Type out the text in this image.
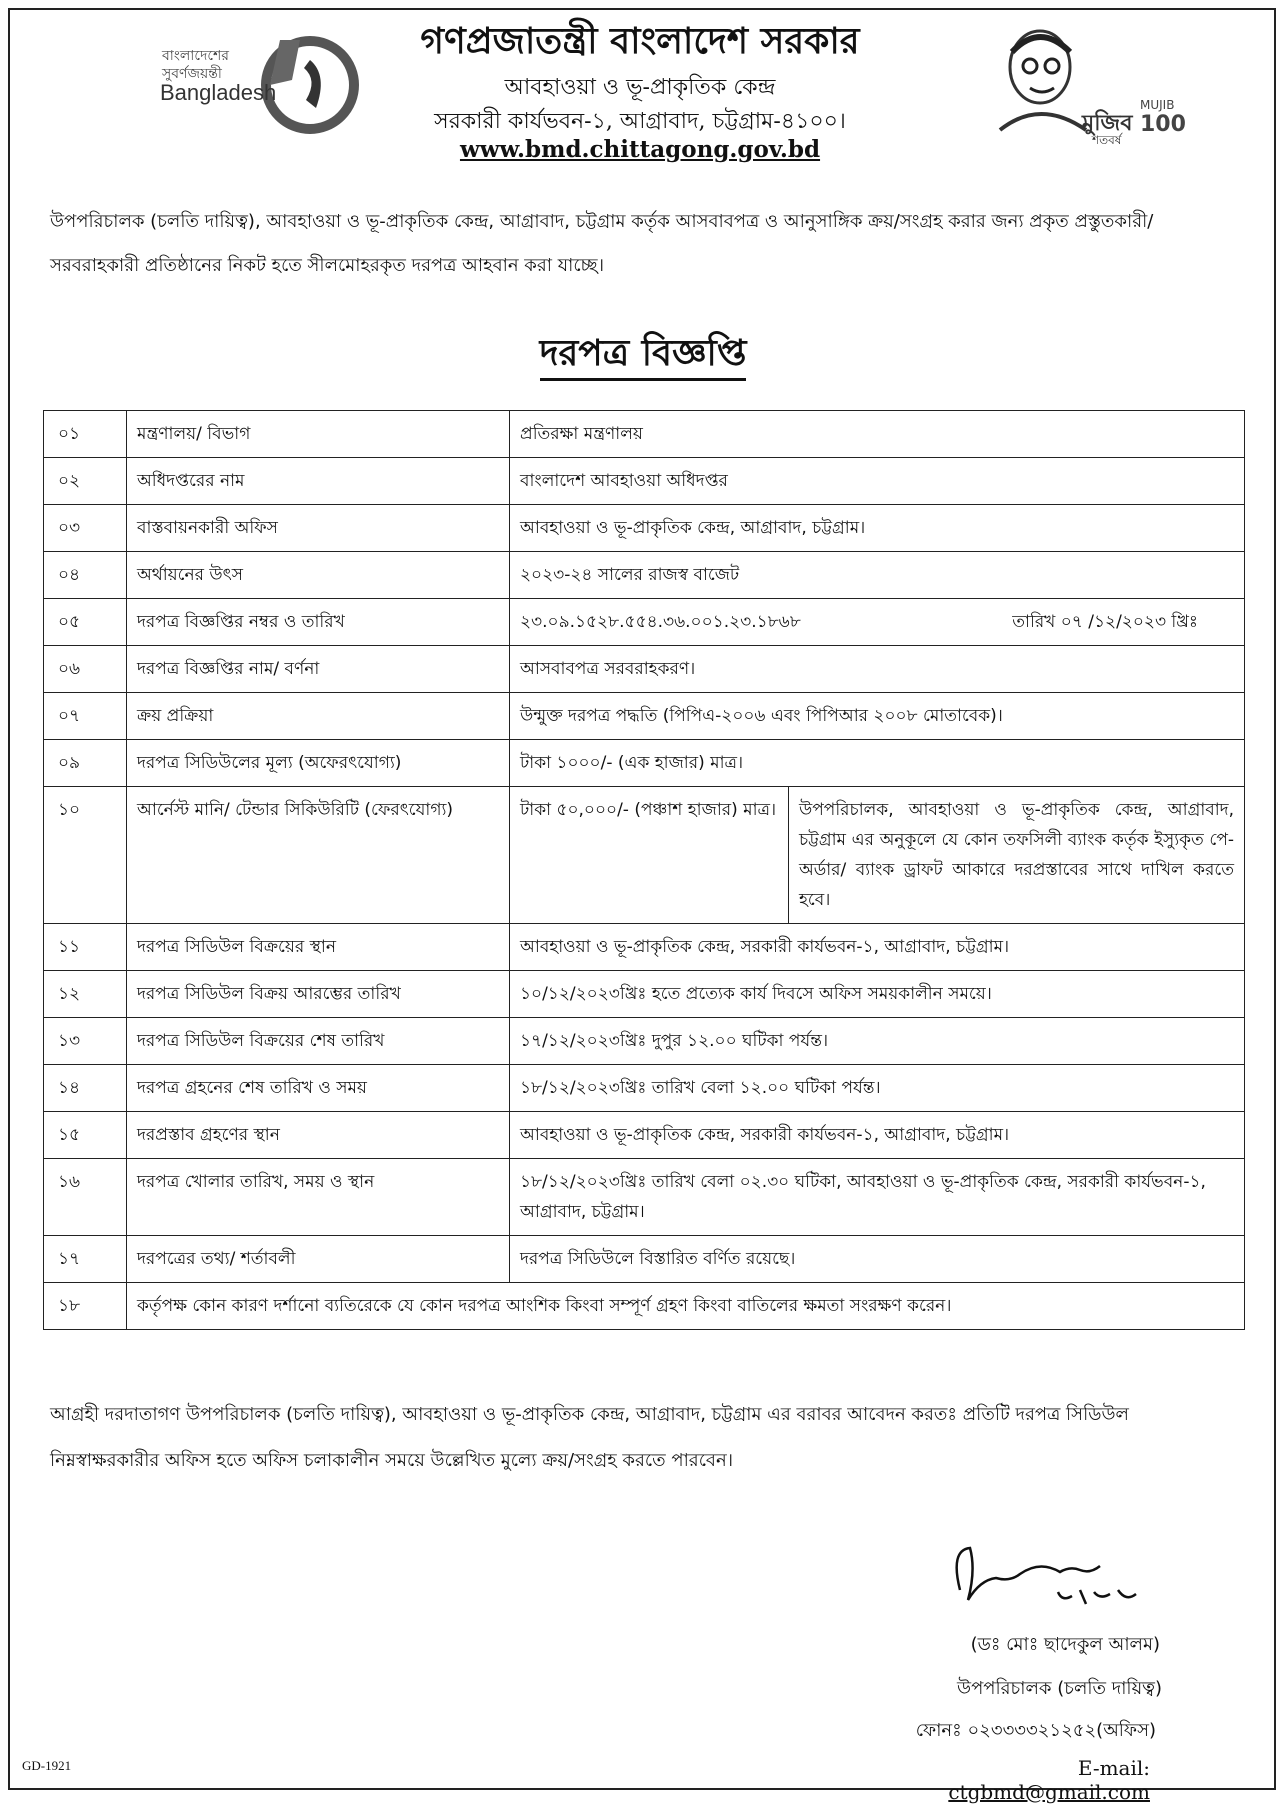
বাংলাদেশের
সুবর্ণজয়ন্তী
Bangladesh
মুজিব
শতবর্ষ
MUJIB
100
গণপ্রজাতন্ত্রী বাংলাদেশ সরকার
আবহাওয়া ও ভূ-প্রাকৃতিক কেন্দ্র
সরকারী কার্যভবন-১, আগ্রাবাদ, চট্টগ্রাম-৪১০০।
www.bmd.chittagong.gov.bd
উপপরিচালক (চলতি দায়িত্ব), আবহাওয়া ও ভূ-প্রাকৃতিক কেন্দ্র, আগ্রাবাদ, চট্টগ্রাম কর্তৃক আসবাবপত্র ও আনুসাঙ্গিক ক্রয়/সংগ্রহ করার জন্য প্রকৃত প্রস্তুতকারী/ সরবরাহকারী প্রতিষ্ঠানের নিকট হতে সীলমোহরকৃত দরপত্র আহবান করা যাচ্ছে।
দরপত্র বিজ্ঞপ্তি
০১	মন্ত্রণালয়/ বিভাগ	প্রতিরক্ষা মন্ত্রণালয়
০২	অধিদপ্তরের নাম	বাংলাদেশ আবহাওয়া অধিদপ্তর
০৩	বাস্তবায়নকারী অফিস	আবহাওয়া ও ভূ-প্রাকৃতিক কেন্দ্র, আগ্রাবাদ, চট্টগ্রাম।
০৪	অর্থায়নের উৎস	২০২৩-২৪ সালের রাজস্ব বাজেট
০৫	দরপত্র বিজ্ঞপ্তির নম্বর ও তারিখ	২৩.০৯.১৫২৮.৫৫৪.৩৬.০০১.২৩.১৮৬৮ তারিখ ০৭ /১২/২০২৩ খ্রিঃ

০৬	দরপত্র বিজ্ঞপ্তির নাম/ বর্ণনা	আসবাবপত্র সরবরাহকরণ।
০৭	ক্রয় প্রক্রিয়া	উন্মুক্ত দরপত্র পদ্ধতি (পিপিএ-২০০৬ এবং পিপিআর ২০০৮ মোতাবেক)।
০৯	দরপত্র সিডিউলের মূল্য (অফেরৎযোগ্য)	টাকা ১০০০/- (এক হাজার) মাত্র।
১০	আর্নেস্ট মানি/ টেন্ডার সিকিউরিটি (ফেরৎযোগ্য)	টাকা ৫০,০০০/- (পঞ্চাশ হাজার) মাত্র। উপপরিচালক, আবহাওয়া ও ভূ-প্রাকৃতিক কেন্দ্র, আগ্রাবাদ, চট্টগ্রাম এর অনুকূলে যে কোন তফসিলী ব্যাংক কর্তৃক ইস্যুকৃত পে-অর্ডার/ ব্যাংক ড্রাফট আকারে দরপ্রস্তাবের সাথে দাখিল করতে হবে।

১১	দরপত্র সিডিউল বিক্রয়ের স্থান	আবহাওয়া ও ভূ-প্রাকৃতিক কেন্দ্র, সরকারী কার্যভবন-১, আগ্রাবাদ, চট্টগ্রাম।
১২	দরপত্র সিডিউল বিক্রয় আরম্ভের তারিখ	১০/১২/২০২৩খ্রিঃ হতে প্রত্যেক কার্য দিবসে অফিস সময়কালীন সময়ে।
১৩	দরপত্র সিডিউল বিক্রয়ের শেষ তারিখ	১৭/১২/২০২৩খ্রিঃ দুপুর ১২.০০ ঘটিকা পর্যন্ত।
১৪	দরপত্র গ্রহনের শেষ তারিখ ও সময়	১৮/১২/২০২৩খ্রিঃ তারিখ বেলা ১২.০০ ঘটিকা পর্যন্ত।
১৫	দরপ্রস্তাব গ্রহণের স্থান	আবহাওয়া ও ভূ-প্রাকৃতিক কেন্দ্র, সরকারী কার্যভবন-১, আগ্রাবাদ, চট্টগ্রাম।
১৬	দরপত্র খোলার তারিখ, সময় ও স্থান	১৮/১২/২০২৩খ্রিঃ তারিখ বেলা ০২.৩০ ঘটিকা, আবহাওয়া ও ভূ-প্রাকৃতিক কেন্দ্র, সরকারী কার্যভবন-১, আগ্রাবাদ, চট্টগ্রাম।
১৭	দরপত্রের তথ্য/ শর্তাবলী	দরপত্র সিডিউলে বিস্তারিত বর্ণিত রয়েছে।
১৮	কর্তৃপক্ষ কোন কারণ দর্শানো ব্যতিরেকে যে কোন দরপত্র আংশিক কিংবা সম্পূর্ণ গ্রহণ কিংবা বাতিলের ক্ষমতা সংরক্ষণ করেন।	
আগ্রহী দরদাতাগণ উপপরিচালক (চলতি দায়িত্ব), আবহাওয়া ও ভূ-প্রাকৃতিক কেন্দ্র, আগ্রাবাদ, চট্টগ্রাম এর বরাবর আবেদন করতঃ প্রতিটি দরপত্র সিডিউল নিম্নস্বাক্ষরকারীর অফিস হতে অফিস চলাকালীন সময়ে উল্লেখিত মুল্যে ক্রয়/সংগ্রহ করতে পারবেন।
(ডঃ মোঃ ছাদেকুল আলম)
উপপরিচালক (চলতি দায়িত্ব)
ফোনঃ ০২৩৩৩৩২১২৫২(অফিস)
E-mail: ctgbmd@gmail.com
GD-1921
